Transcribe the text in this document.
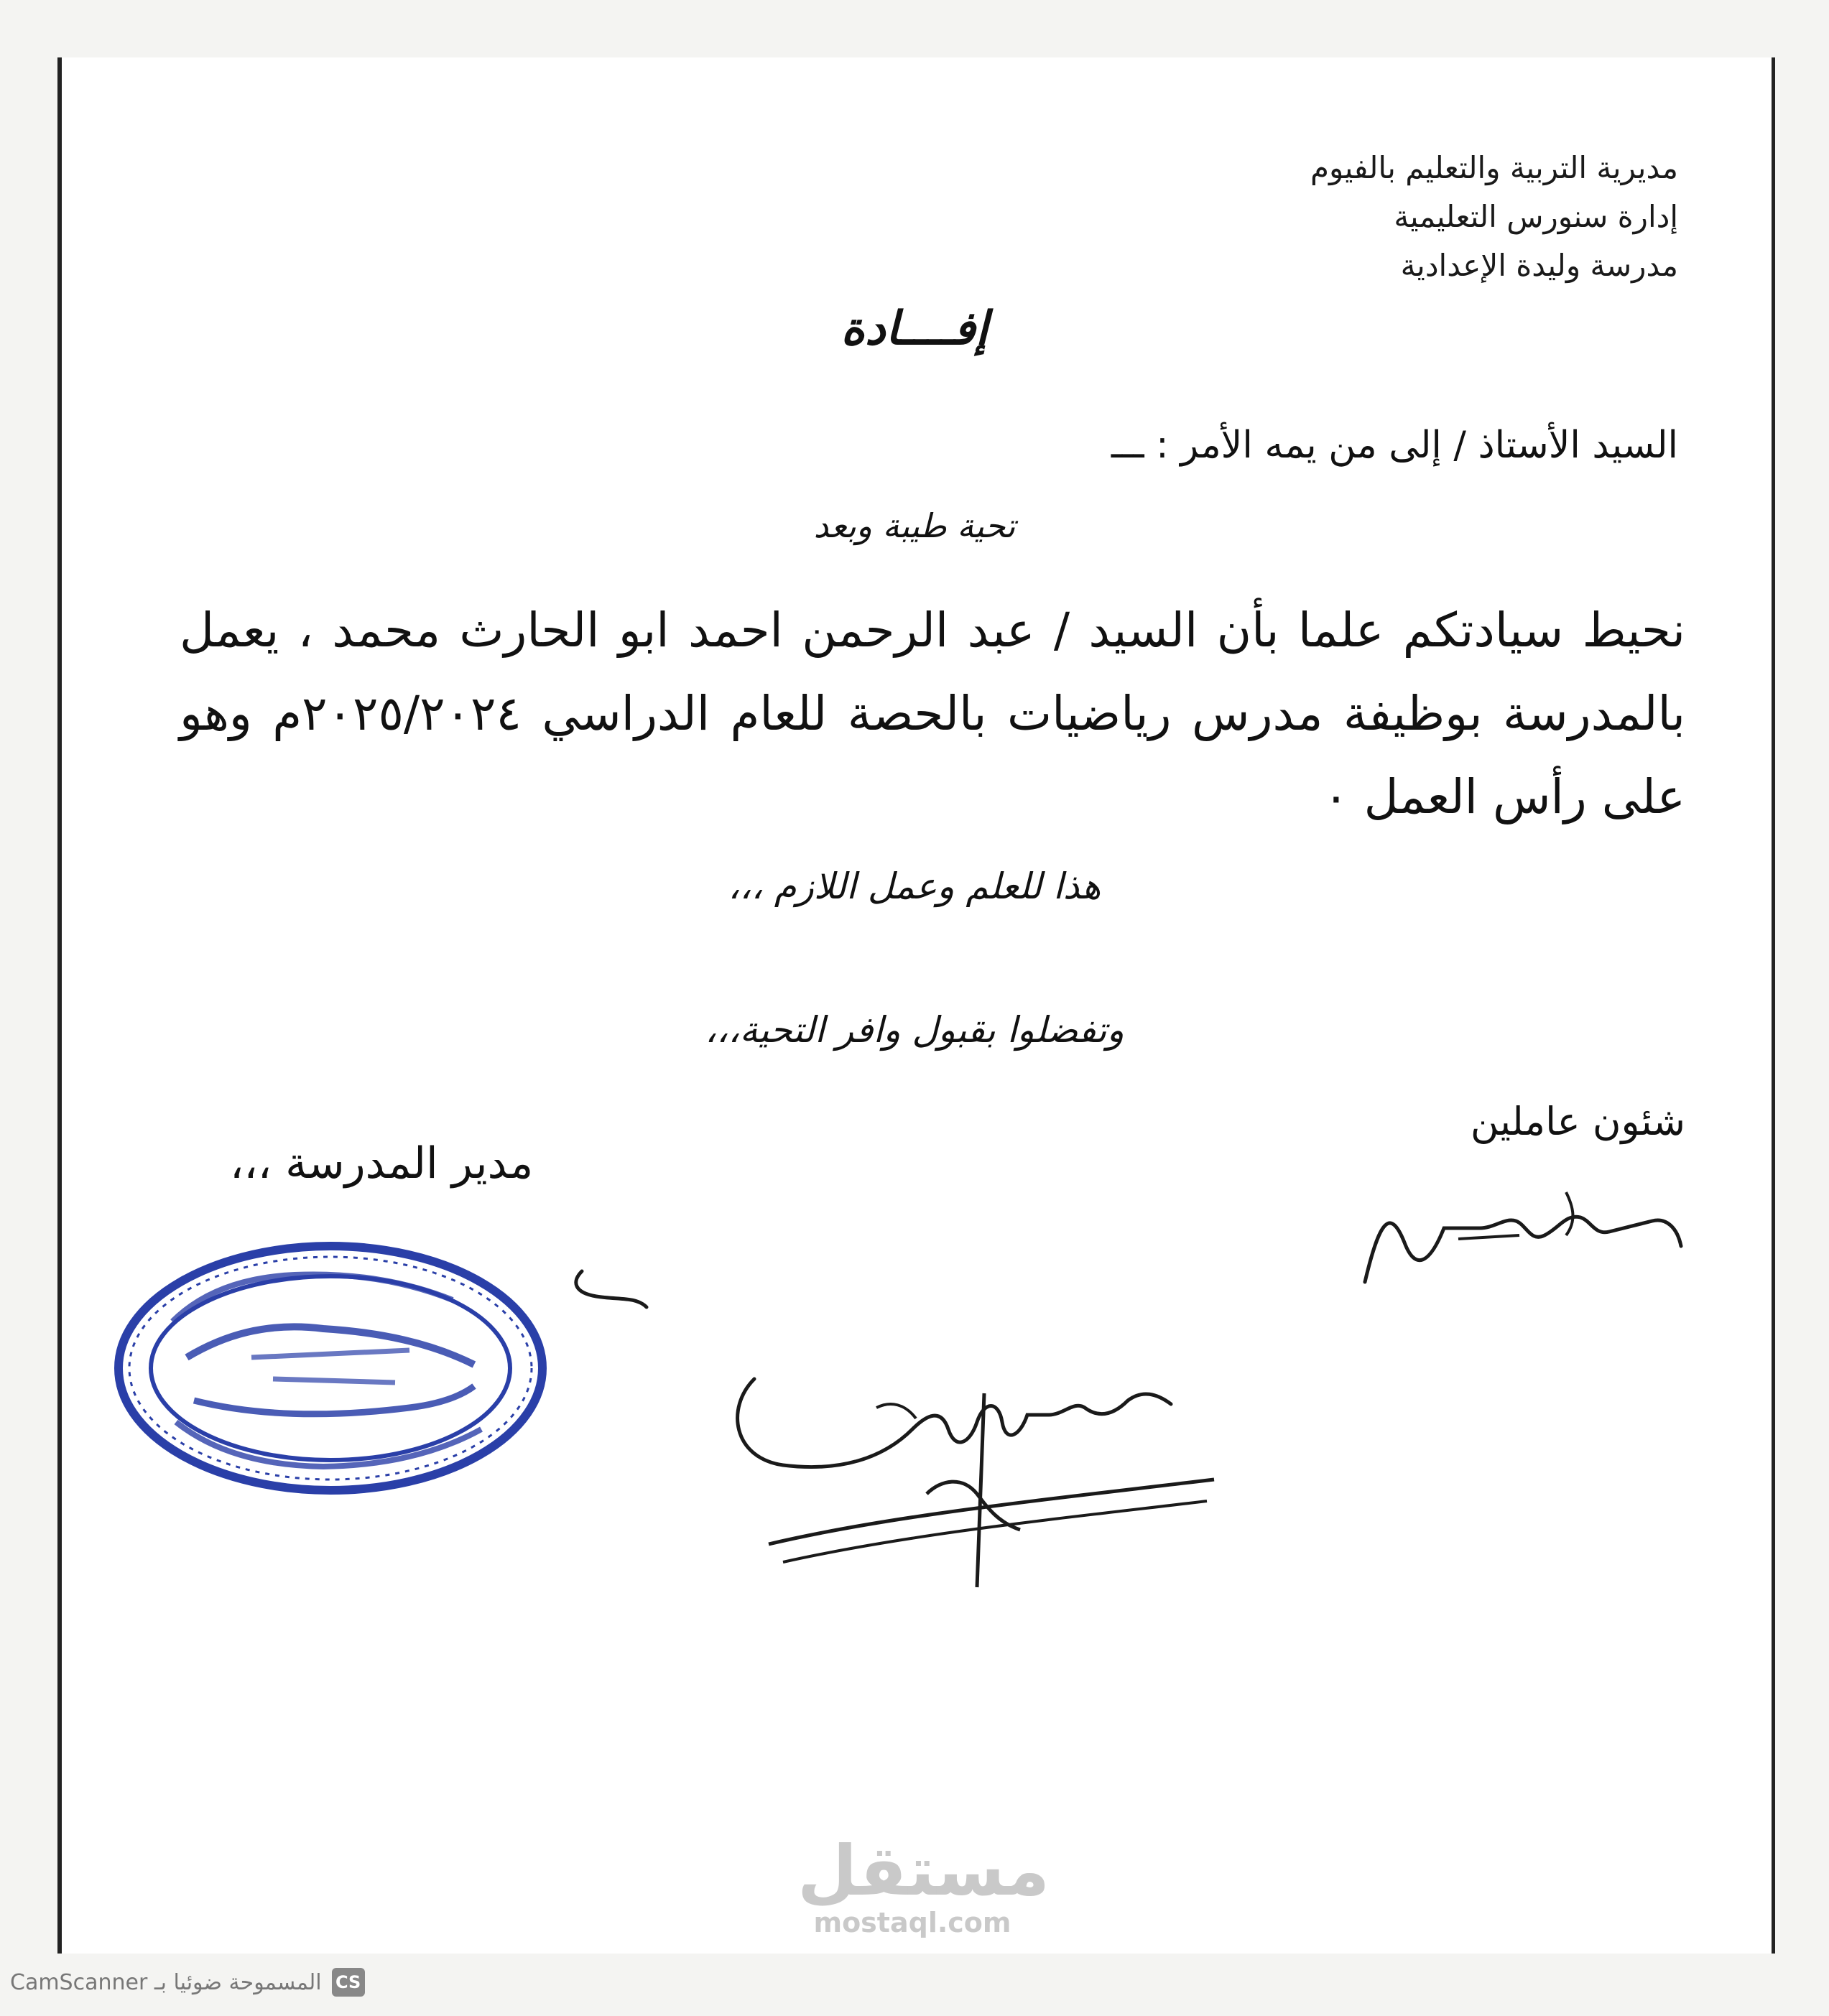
مديرية التربية والتعليم بالفيوم
إدارة سنورس التعليمية
مدرسة وليدة الإعدادية
إفــــادة
السيد الأستاذ / إلى من يمه الأمر : ـــ
تحية طيبة وبعد
نحيط سيادتكم علما بأن السيد / عبد الرحمن احمد ابو الحارث محمد ، يعمل بالمدرسة بوظيفة مدرس رياضيات بالحصة للعام الدراسي ٢٠٢٥/٢٠٢٤م وهو على رأس العمل ٠
هذا للعلم وعمل اللازم ،،،
وتفضلوا بقبول وافر التحية،،،
شئون عاملين
مدير المدرسة ،،،
CS
المسموحة ضوئيا بـ CamScanner
مستقل
mostaql.com
